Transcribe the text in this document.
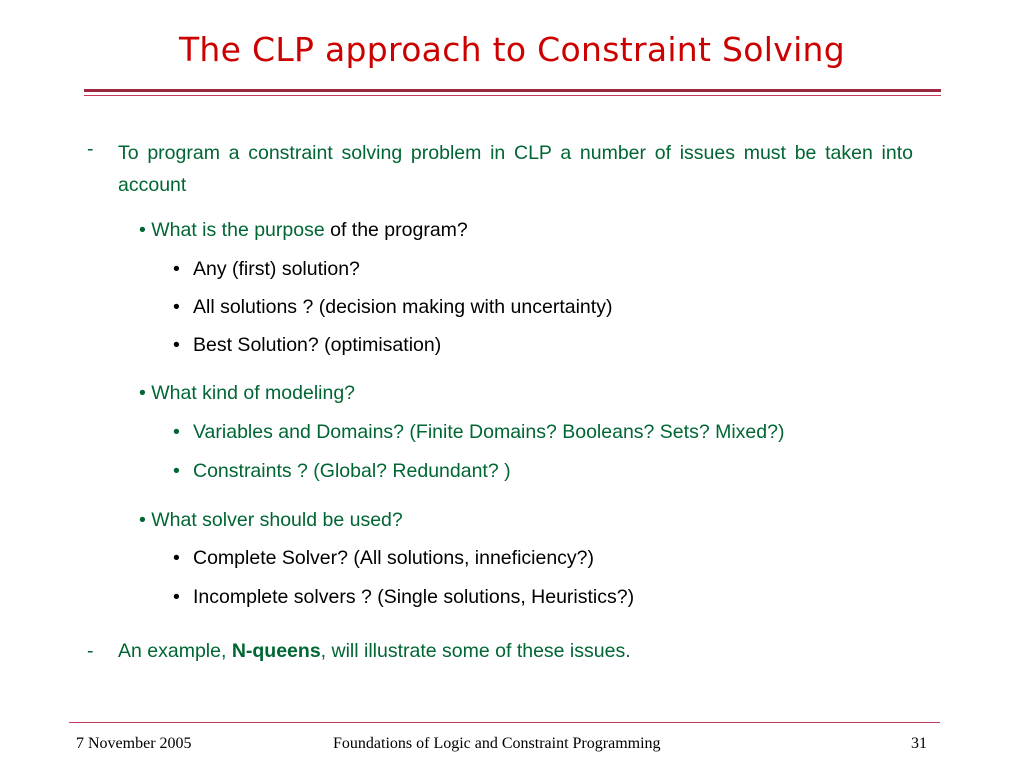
The CLP approach to Constraint Solving
- To program a constraint solving problem in CLP a number of issues must be taken into account
• What is the purpose of the program?
• Any (first) solution?
• All solutions ? (decision making with uncertainty)
• Best Solution? (optimisation)
• What kind of modeling?
• Variables and Domains? (Finite Domains? Booleans? Sets? Mixed?)
• Constraints ? (Global? Redundant? )
• What solver should be used?
• Complete Solver? (All solutions, inneficiency?)
• Incomplete solvers ? (Single solutions, Heuristics?)
- An example, N-queens, will illustrate some of these issues.
7 November 2005	Foundations of Logic and Constraint Programming	31
